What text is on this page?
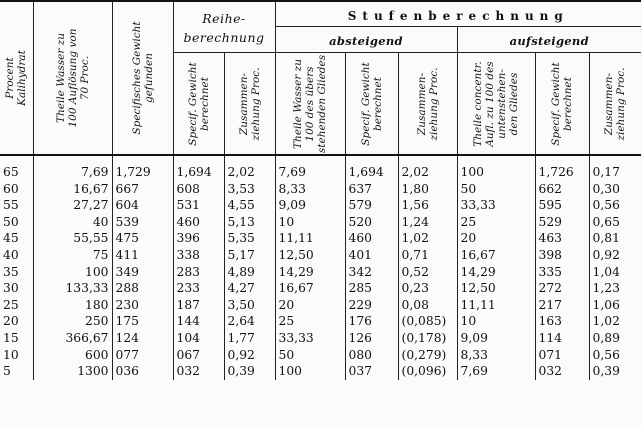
Procent
Kalihydrat	Theile Wasser zu
100 Auflösung von
70 Proc.	Specifisches Gewicht
gefunden	Reihe-
berechnung		Stufenberechnung					
					absteigend			aufsteigend		

			Specif. Gewicht
berechnet	Zusammen-
ziehung Proc.	Theile Wasser zu
100 des übers
stehenden Gliedes	Specif. Gewicht
berechnet	Zusammen-
ziehung Proc.	Theile concentr.
Aufl. zu 100 des
untenstehen-
den Gliedes	Specif. Gewicht
berechnet	Zusammen-
ziehung Proc.

65	7,69	1,729	1,694	2,02	7,69	1,694	2,02	100	1,726	0,17
60	16,67	667	608	3,53	8,33	637	1,80	50	662	0,30
55	27,27	604	531	4,55	9,09	579	1,56	33,33	595	0,56
50	40	539	460	5,13	10	520	1,24	25	529	0,65
45	55,55	475	396	5,35	11,11	460	1,02	20	463	0,81
40	75	411	338	5,17	12,50	401	0,71	16,67	398	0,92
35	100	349	283	4,89	14,29	342	0,52	14,29	335	1,04
30	133,33	288	233	4,27	16,67	285	0,23	12,50	272	1,23
25	180	230	187	3,50	20	229	0,08	11,11	217	1,06
20	250	175	144	2,64	25	176	(0,085)	10	163	1,02
15	366,67	124	104	1,77	33,33	126	(0,178)	9,09	114	0,89
10	600	077	067	0,92	50	080	(0,279)	8,33	071	0,56
5	1300	036	032	0,39	100	037	(0,096)	7,69	032	0,39
